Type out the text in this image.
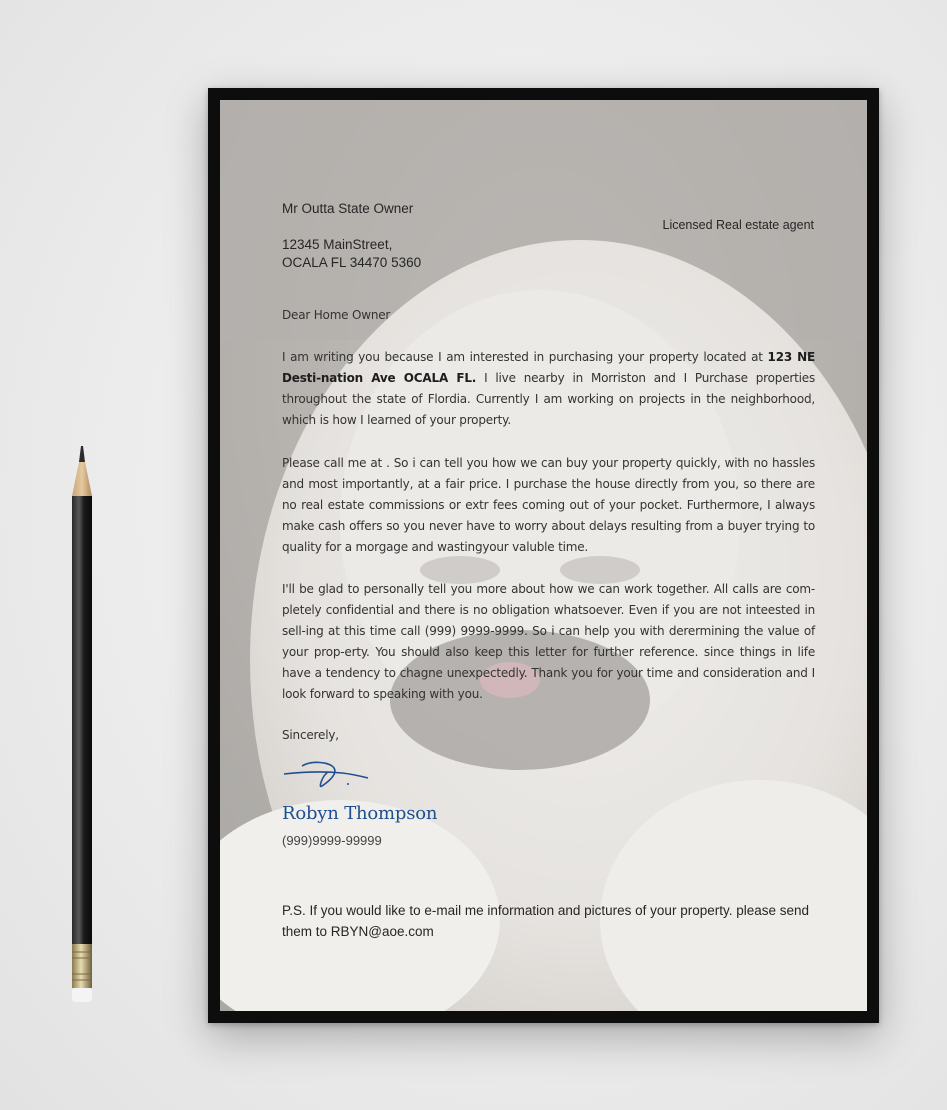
Mr Outta State Owner
12345 MainStreet,
OCALA FL 34470 5360
Licensed Real estate agent
Dear Home Owner
I am writing you because I am interested in purchasing your property located at 123 NE Desti-nation Ave OCALA FL. I live nearby in Morriston and I Purchase properties throughout the state of Flordia. Currently I am working on projects in the neighborhood, which is how I learned of your property.
Please call me at . So i can tell you how we can buy your property quickly, with no hassles and most importantly, at a fair price. I purchase the house directly from you, so there are no real estate commissions or extr fees coming out of your pocket. Furthermore, I always make cash offers so you never have to worry about delays resulting from a buyer trying to quality for a morgage and wastingyour valuble time.
I'll be glad to personally tell you more about how we can work together. All calls are com-pletely confidential and there is no obligation whatsoever. Even if you are not inteested in sell-ing at this time call (999) 9999-9999. So i can help you with derermining the value of your prop-erty. You should also keep this letter for further reference. since things in life have a tendency to chagne unexpectedly. Thank you for your time and consideration and I look forward to speaking with you.
Sincerely,
Robyn Thompson
(999)9999-99999
P.S. If you would like to e-mail me information and pictures of your property. please send them to RBYN@aoe.com
